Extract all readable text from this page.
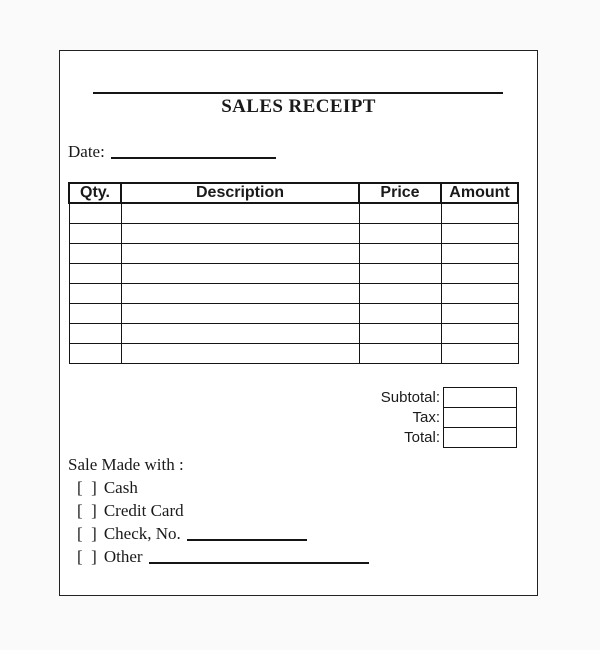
SALES RECEIPT
Date:
Qty.	Description	Price	Amount

Subtotal:
Tax:
Total:
Sale Made with :
[  ] Cash
[  ] Credit Card
[  ] Check, No.
[  ] Other
